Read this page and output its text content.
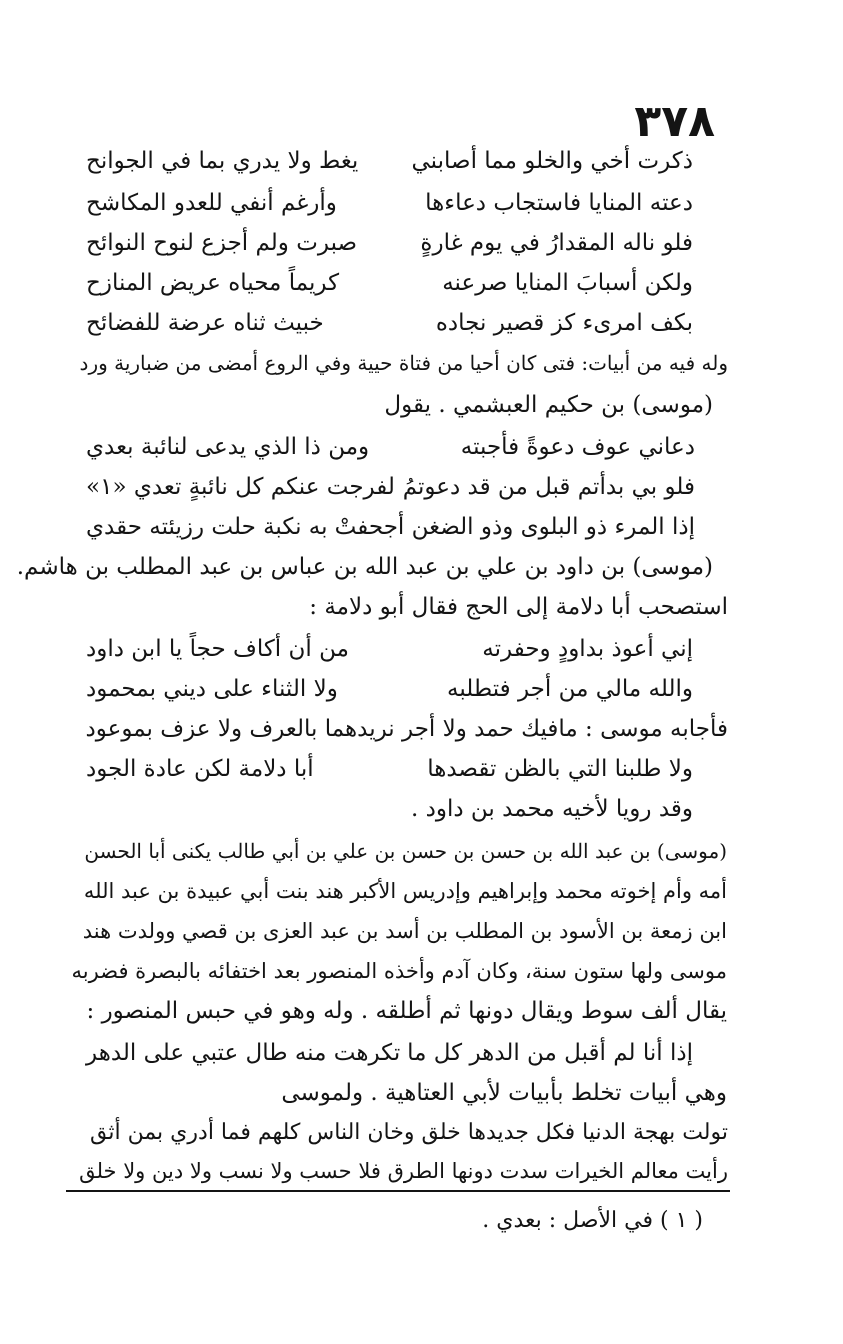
٣٧٨
ذكرت أخي والخلو مما أصابني
يغط ولا يدري بما في الجوانح
دعته المنايا فاستجاب دعاءها
وأرغم أنفي للعدو المكاشح
فلو ناله المقدارُ في يوم غارةٍ
صبرت ولم أجزع لنوح النوائح
ولكن أسبابَ المنايا صرعنه
كريماً محياه عريض المنازح
بكف امرىء كز قصير نجاده
خبيث ثناه عرضة للفضائح
وله فيه من أبيات: فتى كان أحيا من فتاة حيية وفي الروع أمضى من ضبارية ورد
(موسى) بن حكيم العبشمي . يقول
دعاني عوف دعوةً فأجبته
ومن ذا الذي يدعى لنائبة بعدي
فلو بي بدأتم قبل من قد دعوتمُ
لفرجت عنكم كل نائبةٍ تعدي «١»
إذا المرء ذو البلوى وذو الضغن أجحفتْ
به نكبة حلت رزيئته حقدي
(موسى) بن داود بن علي بن عبد الله بن عباس بن عبد المطلب بن هاشم.
استصحب أبا دلامة إلى الحج فقال أبو دلامة :
إني أعوذ بداودٍ وحفرته
من أن أكاف حجاً يا ابن داود
والله مالي من أجر فتطلبه
ولا الثناء على ديني بمحمود
فأجابه موسى : مافيك حمد ولا أجر نريدهما بالعرف ولا عزف بموعود
ولا طلبنا التي بالظن تقصدها
أبا دلامة لكن عادة الجود
وقد رويا لأخيه محمد بن داود .
(موسى) بن عبد الله بن حسن بن حسن بن علي بن أبي طالب يكنى أبا الحسن
أمه وأم إخوته محمد وإبراهيم وإدريس الأكبر هند بنت أبي عبيدة بن عبد الله
ابن زمعة بن الأسود بن المطلب بن أسد بن عبد العزى بن قصي وولدت هند
موسى ولها ستون سنة، وكان آدم وأخذه المنصور بعد اختفائه بالبصرة فضربه
يقال ألف سوط ويقال دونها ثم أطلقه . وله وهو في حبس المنصور :
إذا أنا لم أقبل من الدهر كل ما
تكرهت منه طال عتبي على الدهر
وهي أبيات تخلط بأبيات لأبي العتاهية . ولموسى
تولت بهجة الدنيا فكل جديدها خلق وخان الناس كلهم فما أدري بمن أثق
رأيت معالم الخيرات سدت دونها الطرق فلا حسب ولا نسب ولا دين ولا خلق
( ١ ) في الأصل : بعدي .
